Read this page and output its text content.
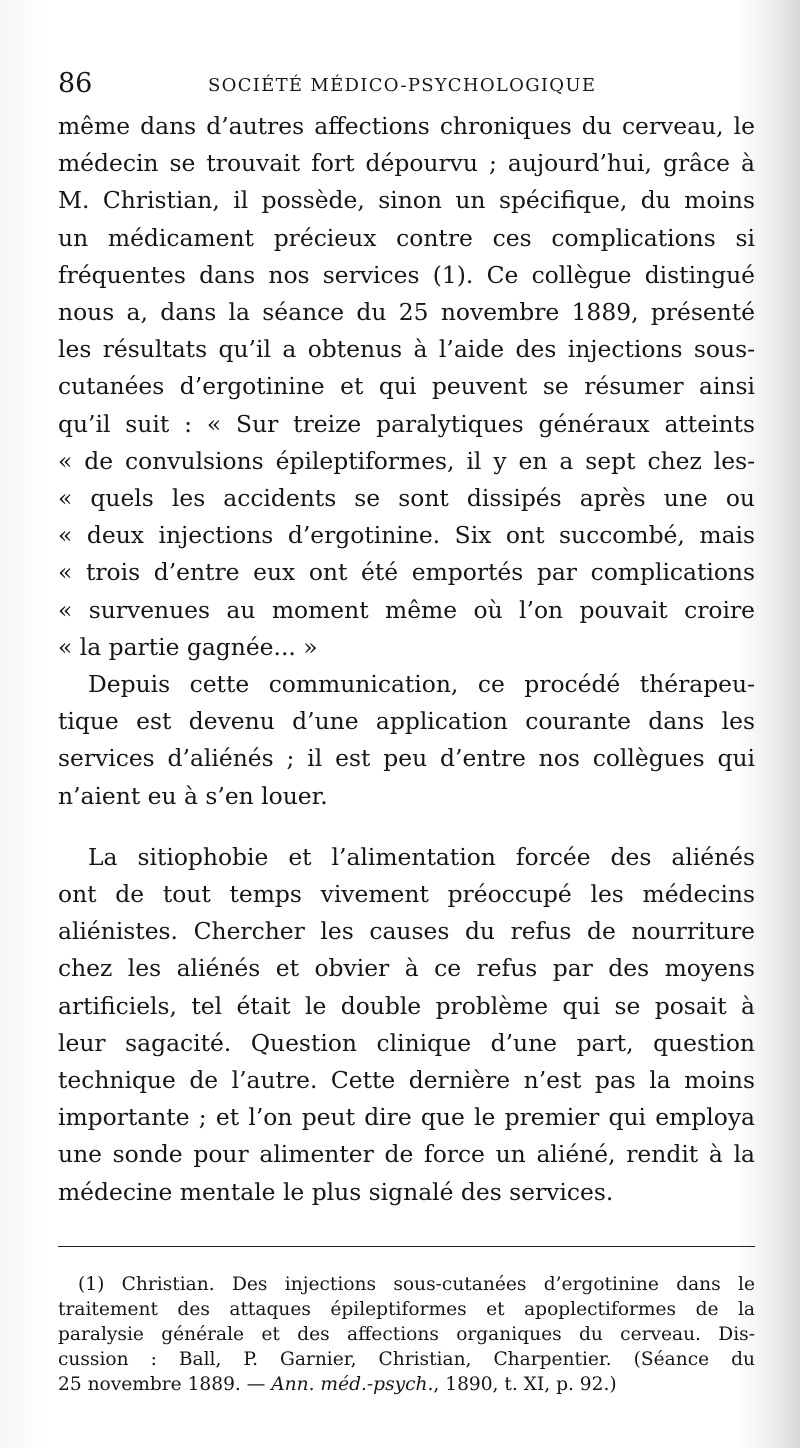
86	SOCIÉTÉ MÉDICO-PSYCHOLOGIQUE
même dans d’autres affections chroniques du cerveau, le
médecin se trouvait fort dépourvu ; aujourd’hui, grâce à
M. Christian, il possède, sinon un spécifique, du moins
un médicament précieux contre ces complications si
fréquentes dans nos services (1). Ce collègue distingué
nous a, dans la séance du 25 novembre 1889, présenté
les résultats qu’il a obtenus à l’aide des injections sous-
cutanées d’ergotinine et qui peuvent se résumer ainsi
qu’il suit : « Sur treize paralytiques généraux atteints
« de convulsions épileptiformes, il y en a sept chez les-
« quels les accidents se sont dissipés après une ou
« deux injections d’ergotinine. Six ont succombé, mais
« trois d’entre eux ont été emportés par complications
« survenues au moment même où l’on pouvait croire
« la partie gagnée... »
Depuis cette communication, ce procédé thérapeu-
tique est devenu d’une application courante dans les
services d’aliénés ; il est peu d’entre nos collègues qui
n’aient eu à s’en louer.
La sitiophobie et l’alimentation forcée des aliénés
ont de tout temps vivement préoccupé les médecins
aliénistes. Chercher les causes du refus de nourriture
chez les aliénés et obvier à ce refus par des moyens
artificiels, tel était le double problème qui se posait à
leur sagacité. Question clinique d’une part, question
technique de l’autre. Cette dernière n’est pas la moins
importante ; et l’on peut dire que le premier qui employa
une sonde pour alimenter de force un aliéné, rendit à la
médecine mentale le plus signalé des services.
(1) Christian. Des injections sous-cutanées d’ergotinine dans le
traitement des attaques épileptiformes et apoplectiformes de la
paralysie générale et des affections organiques du cerveau. Dis-
cussion : Ball, P. Garnier, Christian, Charpentier. (Séance du
25 novembre 1889. — Ann. méd.-psych., 1890, t. XI, p. 92.)
